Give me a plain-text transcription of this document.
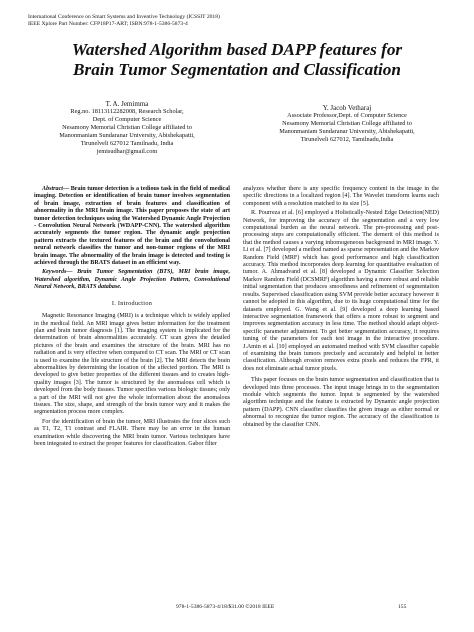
International Conference on Smart Systems and Inventive Technology (ICSSIT 2018)
IEEE Xplore Part Number: CFP18P17-ART; ISBN:978-1-5386-5873-4
Watershed Algorithm based DAPP features for
Brain Tumor Segmentation and Classification
T. A. Jemimma
Reg.no. 18113112282008, Research Scholar,
Dept. of Computer Science
Nesamony Memorial Christian College affiliated to
Manonmaniam Sundaranar University, Abishekapatti,
Tirunelveli 627012 Tamilnadu, India
jemisudhar@gmail.com
Y. Jacob Vetharaj
Associate Professor,Dept. of Computer Science
Nesamony Memorial Christian College affiliated to
Manonmaniam Sundaranar University, Abishekapatti,
Tirunelveli 627012, Tamilnadu,India

Abstract— Brain tumor detection is a tedious task in the field of medical imaging. Detection or identification of brain tumor involves segmentation of brain image, extraction of brain features and classification of abnormality in the MRI brain image. This paper proposes the state of art tumor detection techniques using the Watershed Dynamic Angle Projection - Convolution Neural Network (WDAPP-CNN). The watershed algorithm accurately segments the tumor region. The dynamic angle projection pattern extracts the textured features of the brain and the convolutional neural network classifies the tumor and non-tumor regions of the MRI brain image. The abnormality of the brain image is detected and testing is achieved through the BRATS dataset in an efficient way.

Keywords— Brain Tumor Segmentation (BTS), MRI brain image, Watershed algorithm, Dynamic Angle Projection Pattern, Convolutional Neural Network, BRATS database.

I. Introduction

Magnetic Resonance Imaging (MRI) is a technique which is widely applied in the medical field. An MRI image gives better information for the treatment plan and brain tumor diagnosis [1]. The imaging system is implicated for the determination of brain abnormalities accurately. CT scan gives the detailed pictures of the brain and examines the structure of the brain. MRI has no radiation and is very effective when compared to CT scan. The MRI or CT scan is used to examine the life structure of the brain [2]. The MRI detects the brain abnormalities by determining the location of the affected portion. The MRI is developed to give better properties of the different tissues and to creates high-quality images [3]. The tumor is structured by the anomalous cell which is developed from the body tissues. Tumor specifies various biologic tissues; only a part of the MRI will not give the whole information about the anomalous tissues. The size, shape, and strength of the brain tumor vary and it makes the segmentation process more complex.

For the identification of brain the tumor, MRI illustrates the four slices such as T1, T2, T1 contrast and FLAIR. There may be an error in the human examination while discovering the MRI brain tumor. Various techniques have been integrated to extract the proper features for classification. Gabor filter

analyzes whether there is any specific frequency content in the image in the specific directions in a localized region [4]. The Wavelet transform learns each component with a resolution matched to its size [5].

R. Pourreza et al. [6] employed a Holistically-Nested Edge Detection(NED) Network, for improving the accuracy of the segmentation and a very low computational burden as the neural network. The pre-processing and post-processing steps are computationally efficient. The demerit of this method is that the method causes a varying inhomogeneous background in MRI image. Y. Li et al. [7] developed a method named as sparse representation and the Markov Random Field (MRF) which has good performance and high classification accuracy. This method incorporates deep learning for quantitative evaluation of tumor. A. Ahmadvand et al. [8] developed a Dynamic Classifier Selection Markov Random Field (DCSMRF) algorithm having a more robust and reliable initial segmentation that produces smoothness and refinement of segmentation results. Supervised classification using SVM provide better accuracy however it cannot be adopted in this algorithm, due to its huge computational time for the datasets employed. G. Wang et al. [9] developed a deep learning based interactive segmentation framework that offers a more robust to segment and improves segmentation accuracy in less time. The method should adapt object-specific parameter adjustment. To get better segmentation accuracy, it requires tuning of the parameters for each test image in the interactive procedure. J.Amin et al. [10] employed an automated method with SVM classifier capable of examining the brain tumors precisely and accurately and helpful in better classification. Although erosion removes extra pixels and reduces the FPR, it does not eliminate actual tumor pixels.

This paper focuses on the brain tumor segmentation and classification that is developed into three processes. The input image brings in to the segmentation module which segments the tumor. Input is segmented by the watershed algorithm technique and the feature is extracted by Dynamic angle projection pattern (DAPP). CNN classifier classifies the given image as either normal or abnormal to recognize the tumor region. The accuracy of the classification is obtained by the classifier CNN.

978-1-5386-5873-4/18/$31.00 ©2018 IEEE	155
